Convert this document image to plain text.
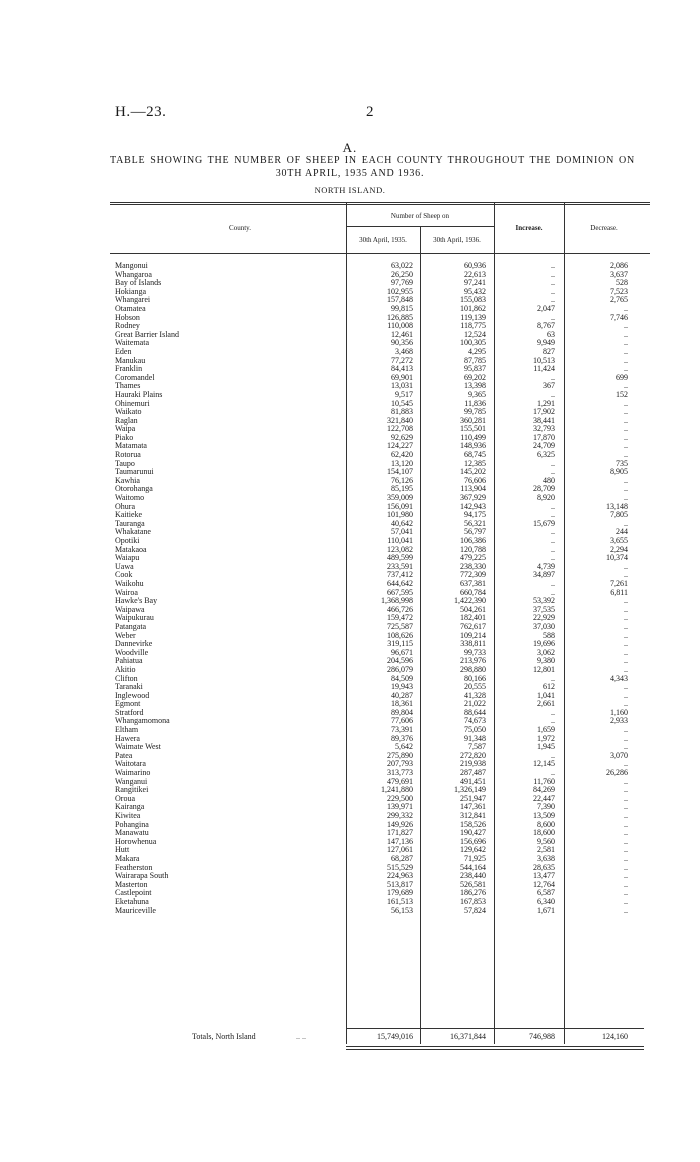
H.—23.	2
A.
TABLE SHOWING THE NUMBER OF SHEEP IN EACH COUNTY THROUGHOUT THE DOMINION ON
30TH APRIL, 1935 AND 1936.
NORTH ISLAND.
County.
Number of Sheep on
30th April, 1935.	30th April, 1936.
Increase.	Decrease.
Mangonui	63,022	60,936	..	2,086
Whangaroa	26,250	22,613	..	3,637
Bay of Islands	97,769	97,241	..	528
Hokianga	102,955	95,432	..	7,523
Whangarei	157,848	155,083	..	2,765
Otamatea	99,815	101,862	2,047	..
Hobson	126,885	119,139	..	7,746
Rodney	110,008	118,775	8,767	..
Great Barrier Island	12,461	12,524	63	..
Waitemata	90,356	100,305	9,949	..
Eden	3,468	4,295	827	..
Manukau	77,272	87,785	10,513	..
Franklin	84,413	95,837	11,424	..
Coromandel	69,901	69,202	..	699
Thames	13,031	13,398	367	..
Hauraki Plains	9,517	9,365	..	152
Ohinemuri	10,545	11,836	1,291	..
Waikato	81,883	99,785	17,902	..
Raglan	321,840	360,281	38,441	..
Waipa	122,708	155,501	32,793	..
Piako	92,629	110,499	17,870	..
Matamata	124,227	148,936	24,709	..
Rotorua	62,420	68,745	6,325	..
Taupo	13,120	12,385	..	735
Taumarunui	154,107	145,202	..	8,905
Kawhia	76,126	76,606	480	..
Otorohanga	85,195	113,904	28,709	..
Waitomo	359,009	367,929	8,920	..
Ohura	156,091	142,943	..	13,148
Kaitieke	101,980	94,175	..	7,805
Tauranga	40,642	56,321	15,679	..
Whakatane	57,041	56,797	..	244
Opotiki	110,041	106,386	..	3,655
Matakaoa	123,082	120,788	..	2,294
Waiapu	489,599	479,225	..	10,374
Uawa	233,591	238,330	4,739	..
Cook	737,412	772,309	34,897	..
Waikohu	644,642	637,381	..	7,261
Wairoa	667,595	660,784	..	6,811
Hawke's Bay	1,368,998	1,422,390	53,392	..
Waipawa	466,726	504,261	37,535	..
Waipukurau	159,472	182,401	22,929	..
Patangata	725,587	762,617	37,030	..
Weber	108,626	109,214	588	..
Dannevirke	319,115	338,811	19,696	..
Woodville	96,671	99,733	3,062	..
Pahiatua	204,596	213,976	9,380	..
Akitio	286,079	298,880	12,801	..
Clifton	84,509	80,166	..	4,343
Taranaki	19,943	20,555	612	..
Inglewood	40,287	41,328	1,041	..
Egmont	18,361	21,022	2,661	..
Stratford	89,804	88,644	..	1,160
Whangamomona	77,606	74,673	..	2,933
Eltham	73,391	75,050	1,659	..
Hawera	89,376	91,348	1,972	..
Waimate West	5,642	7,587	1,945	..
Patea	275,890	272,820	..	3,070
Waitotara	207,793	219,938	12,145	..
Waimarino	313,773	287,487	..	26,286
Wanganui	479,691	491,451	11,760	..
Rangitikei	1,241,880	1,326,149	84,269	..
Oroua	229,500	251,947	22,447	..
Kairanga	139,971	147,361	7,390	..
Kiwitea	299,332	312,841	13,509	..
Pohangina	149,926	158,526	8,600	..
Manawatu	171,827	190,427	18,600	..
Horowhenua	147,136	156,696	9,560	..
Hutt	127,061	129,642	2,581	..
Makara	68,287	71,925	3,638	..
Featherston	515,529	544,164	28,635	..
Wairarapa South	224,963	238,440	13,477	..
Masterton	513,817	526,581	12,764	..
Castlepoint	179,689	186,276	6,587	..
Eketahuna	161,513	167,853	6,340	..
Mauriceville	56,153	57,824	1,671	..
Totals, North Island	.. ..	15,749,016	16,371,844	746,988	124,160
